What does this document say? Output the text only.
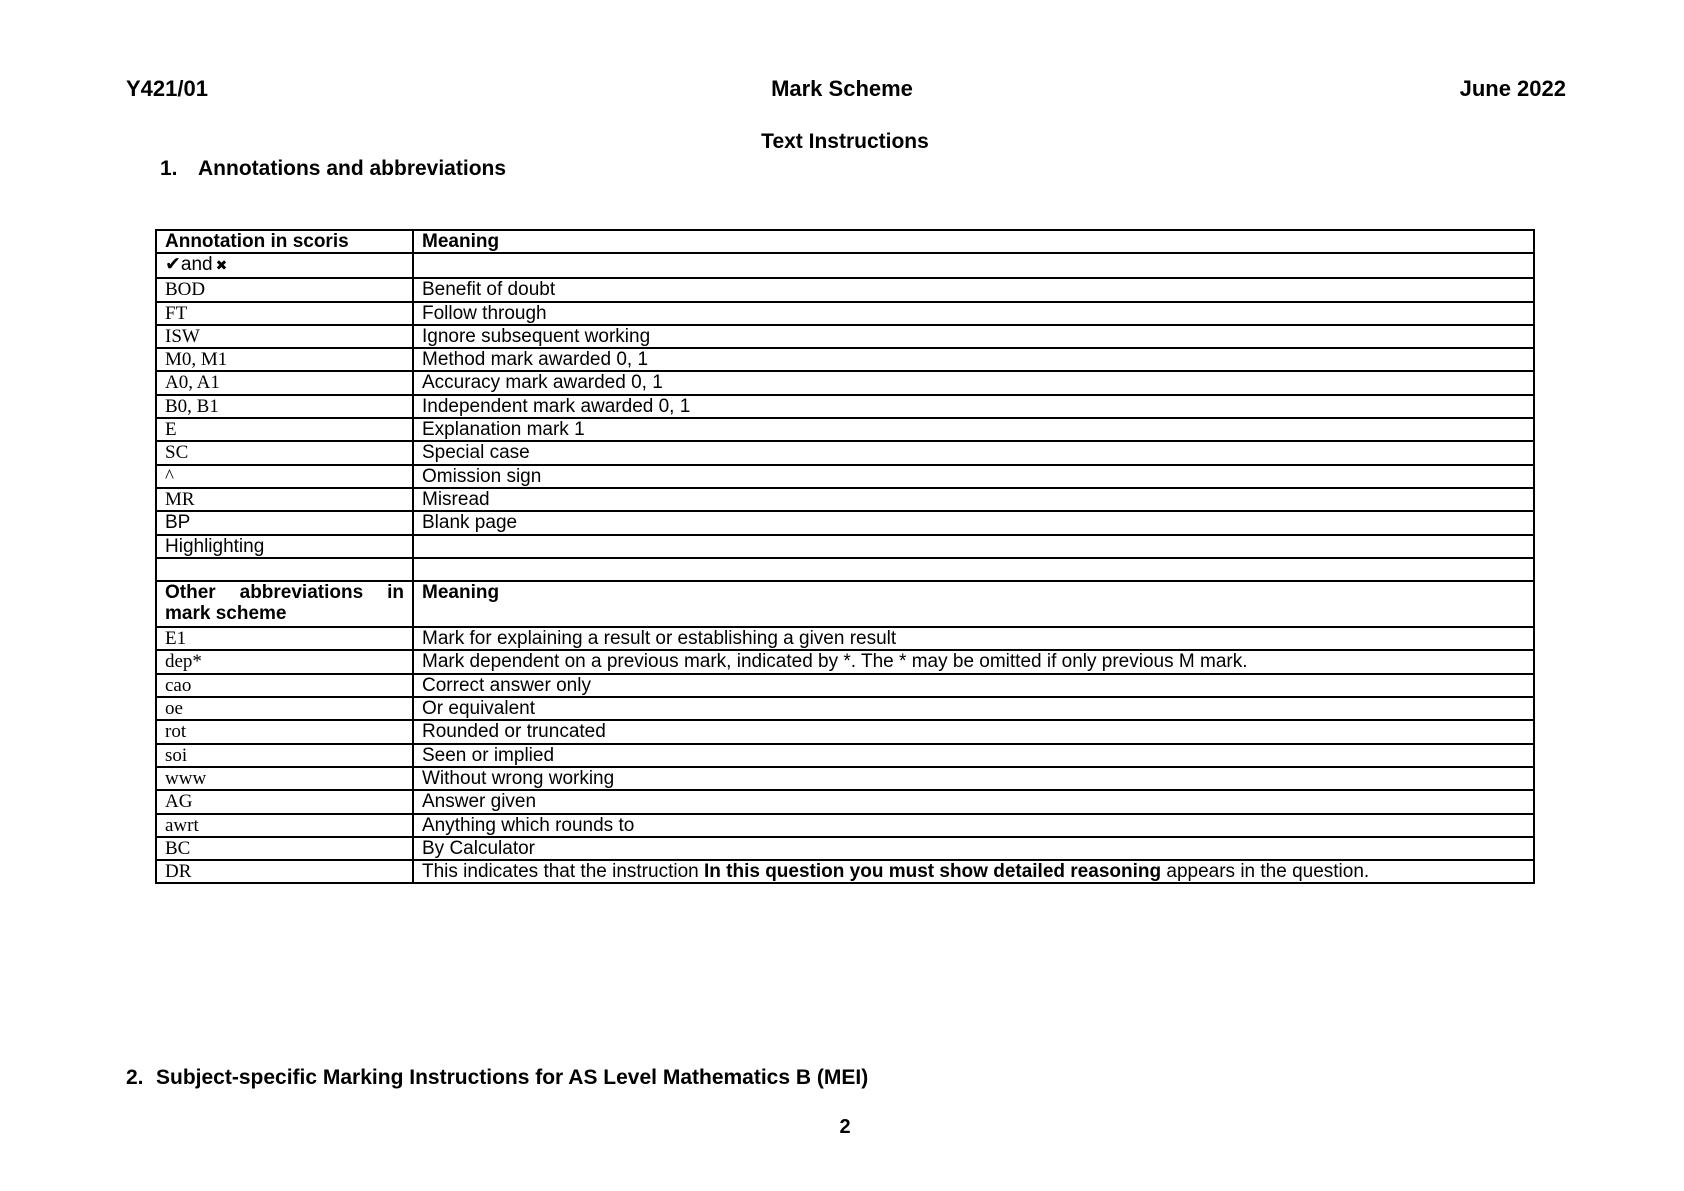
Y421/01	Mark Scheme	June 2022
Text Instructions
1. Annotations and abbreviations
Annotation in scoris	Meaning
✔and ✖	
BOD	Benefit of doubt
FT	Follow through
ISW	Ignore subsequent working
M0, M1	Method mark awarded 0, 1
A0, A1	Accuracy mark awarded 0, 1
B0, B1	Independent mark awarded 0, 1
E	Explanation mark 1
SC	Special case
^	Omission sign
MR	Misread
BP	Blank page
Highlighting	

Other abbreviations in mark scheme	Meaning
E1	Mark for explaining a result or establishing a given result
dep*	Mark dependent on a previous mark, indicated by *. The * may be omitted if only previous M mark.
cao	Correct answer only
oe	Or equivalent
rot	Rounded or truncated
soi	Seen or implied
www	Without wrong working
AG	Answer given
awrt	Anything which rounds to
BC	By Calculator
DR	This indicates that the instruction In this question you must show detailed reasoning appears in the question.
2. Subject-specific Marking Instructions for AS Level Mathematics B (MEI)
2
